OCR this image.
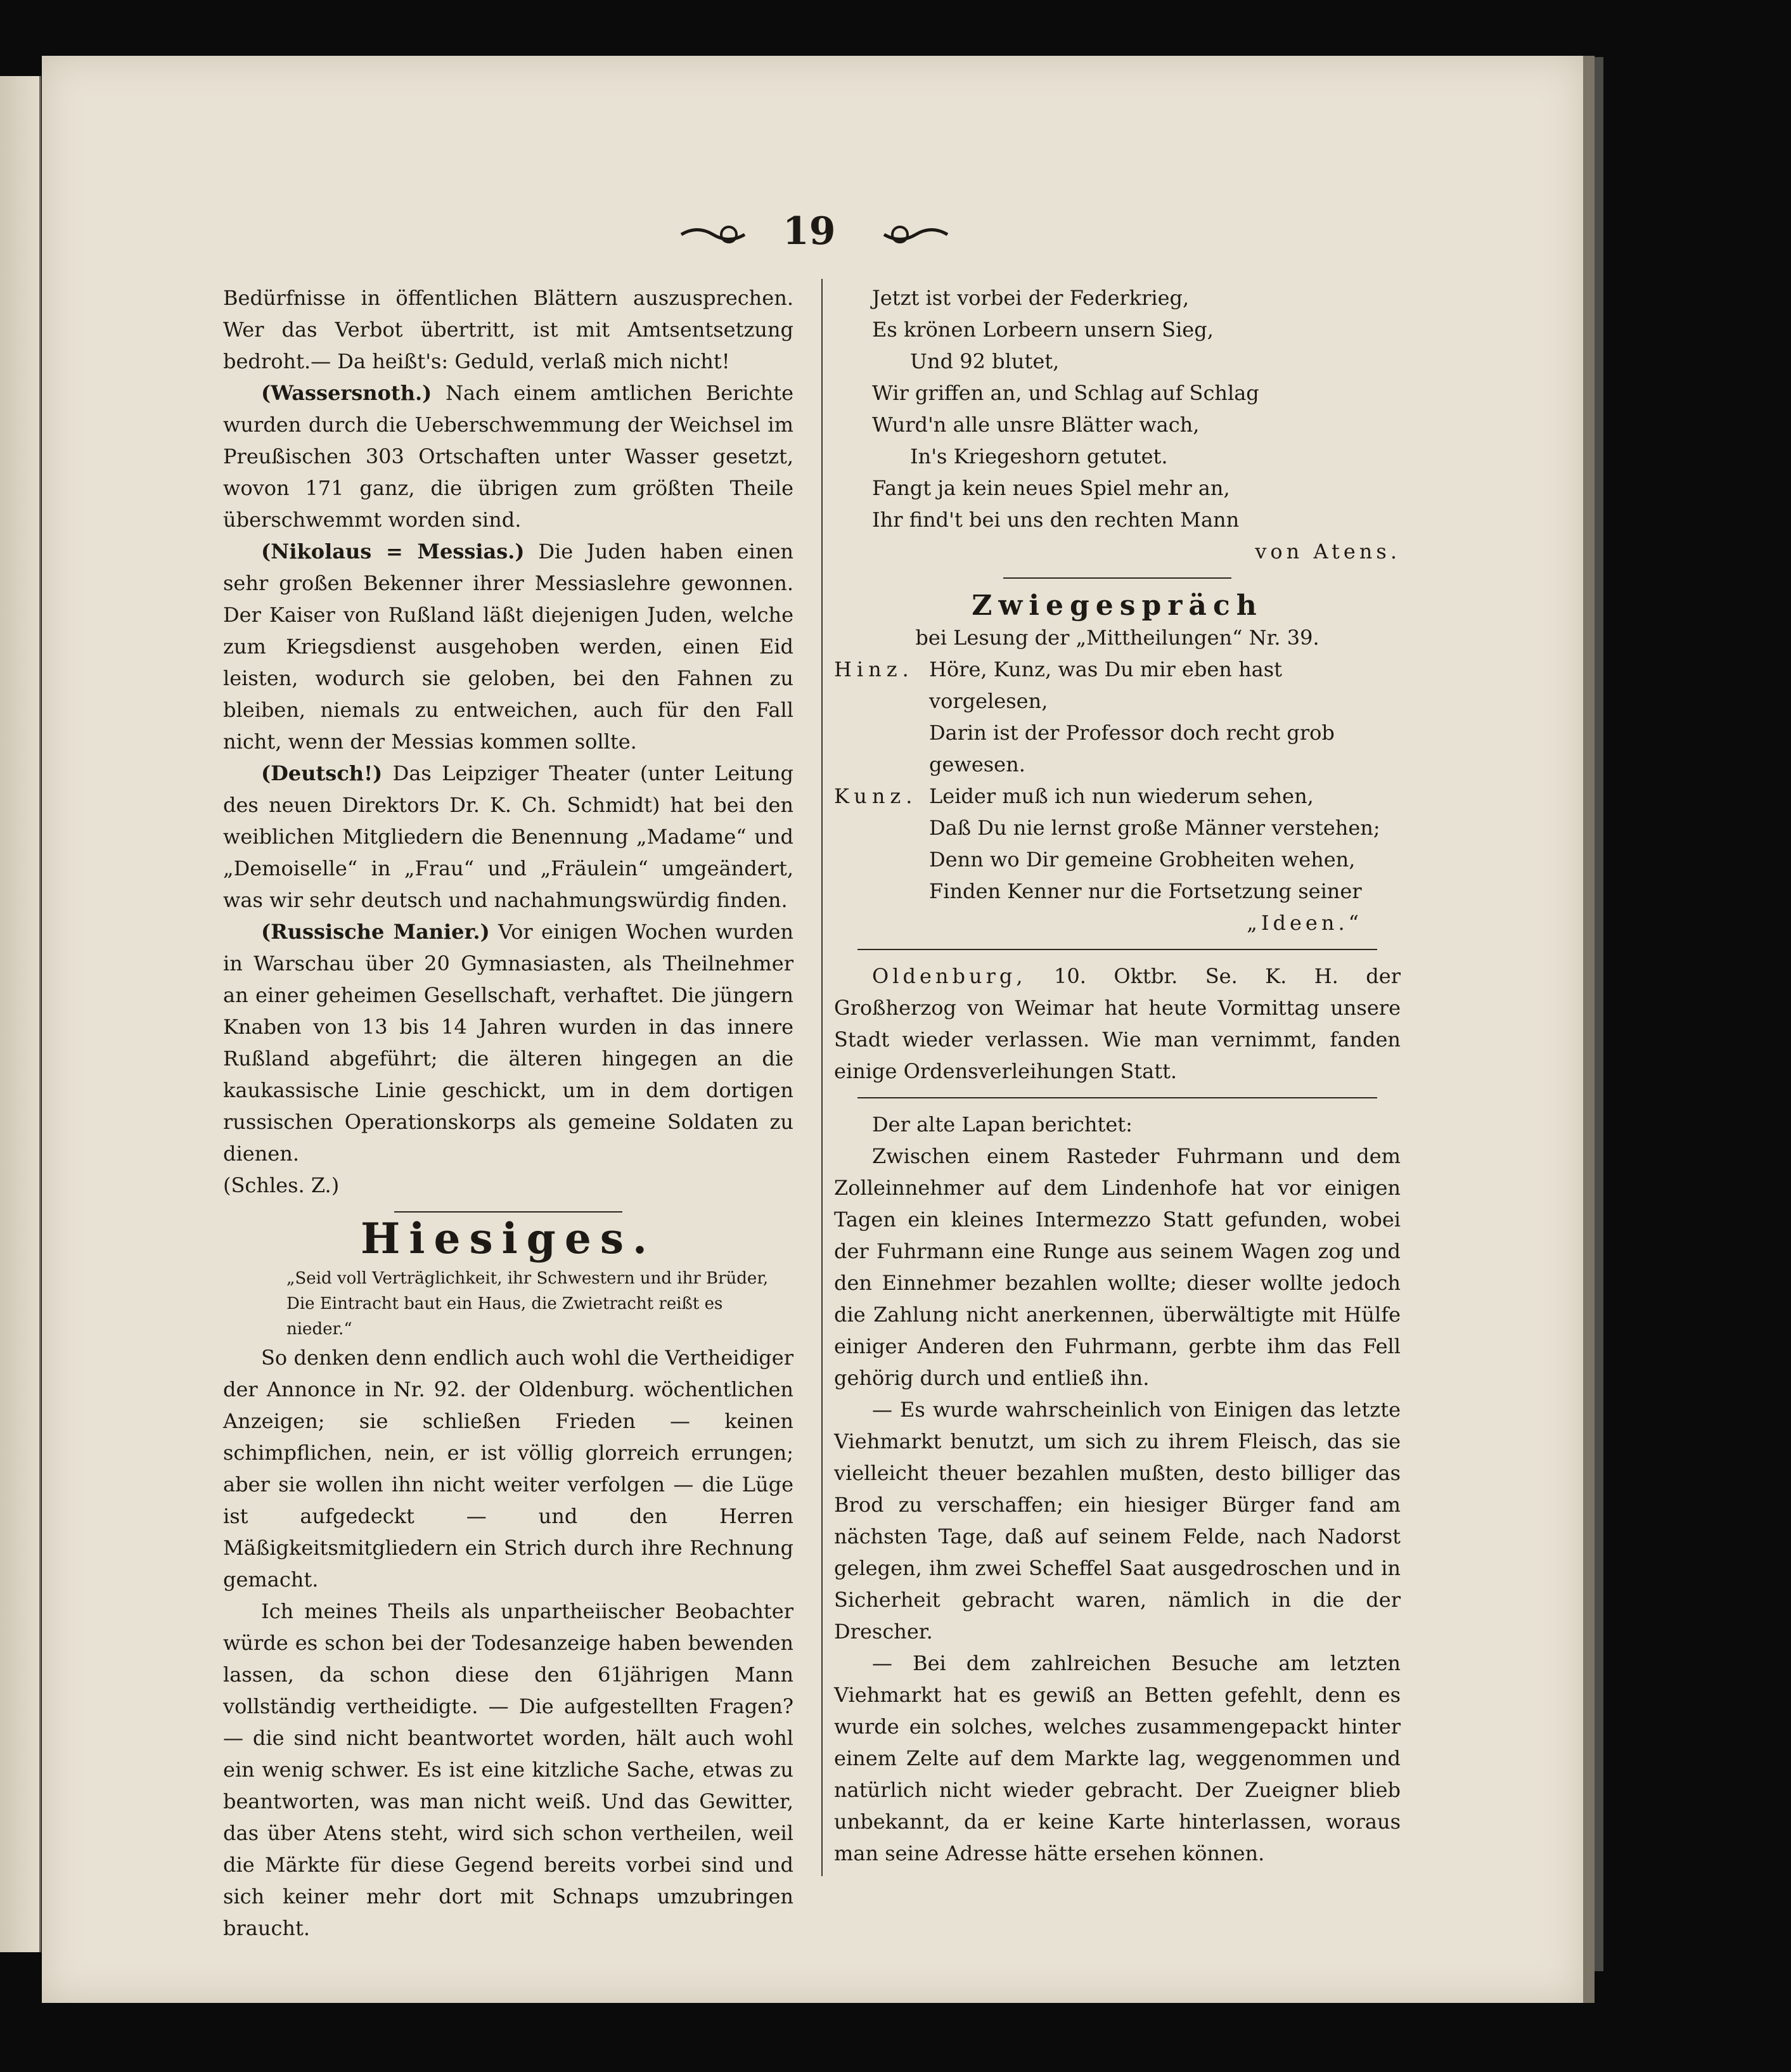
19

Bedürfnisse in öffentlichen Blättern auszusprechen. Wer das Verbot übertritt, ist mit Amtsentsetzung bedroht.— Da heißt's: Geduld, verlaß mich nicht!

(Wassersnoth.) Nach einem amtlichen Berichte wurden durch die Ueberschwemmung der Weichsel im Preußischen 303 Ortschaften unter Wasser gesetzt, wovon 171 ganz, die übrigen zum größten Theile überschwemmt worden sind.

(Nikolaus = Messias.) Die Juden haben einen sehr großen Bekenner ihrer Messiaslehre gewonnen. Der Kaiser von Rußland läßt diejenigen Juden, welche zum Kriegsdienst ausgehoben werden, einen Eid leisten, wodurch sie geloben, bei den Fahnen zu bleiben, niemals zu entweichen, auch für den Fall nicht, wenn der Messias kommen sollte.

(Deutsch!) Das Leipziger Theater (unter Leitung des neuen Direktors Dr. K. Ch. Schmidt) hat bei den weiblichen Mitgliedern die Benennung „Madame“ und „Demoiselle“ in „Frau“ und „Fräulein“ umgeändert, was wir sehr deutsch und nachahmungswürdig finden.

(Russische Manier.) Vor einigen Wochen wurden in Warschau über 20 Gymnasiasten, als Theilnehmer an einer geheimen Gesellschaft, verhaftet. Die jüngern Knaben von 13 bis 14 Jahren wurden in das innere Rußland abgeführt; die älteren hingegen an die kaukassische Linie geschickt, um in dem dortigen russischen Operationskorps als gemeine Soldaten zu dienen.

(Schles. Z.)

Hiesiges.
„Seid voll Verträglichkeit, ihr Schwestern und ihr Brüder,
Die Eintracht baut ein Haus, die Zwietracht reißt es nieder.“

So denken denn endlich auch wohl die Vertheidiger der Annonce in Nr. 92. der Oldenburg. wöchentlichen Anzeigen; sie schließen Frieden — keinen schimpflichen, nein, er ist völlig glorreich errungen; aber sie wollen ihn nicht weiter verfolgen — die Lüge ist aufgedeckt — und den Herren Mäßigkeitsmitgliedern ein Strich durch ihre Rechnung gemacht.

Ich meines Theils als unpartheiischer Beobachter würde es schon bei der Todesanzeige haben bewenden lassen, da schon diese den 61jährigen Mann vollständig vertheidigte. — Die aufgestellten Fragen? — die sind nicht beantwortet worden, hält auch wohl ein wenig schwer. Es ist eine kitzliche Sache, etwas zu beantworten, was man nicht weiß. Und das Gewitter, das über Atens steht, wird sich schon vertheilen, weil die Märkte für diese Gegend bereits vorbei sind und sich keiner mehr dort mit Schnaps umzubringen braucht.

Jetzt ist vorbei der Federkrieg,
Es krönen Lorbeern unsern Sieg,
Und 92 blutet,
Wir griffen an, und Schlag auf Schlag
Wurd'n alle unsre Blätter wach,
In's Kriegeshorn getutet.
Fangt ja kein neues Spiel mehr an,
Ihr find't bei uns den rechten Mann
von Atens.
Zwiegespräch
bei Lesung der „Mittheilungen“ Nr. 39.
Hinz. Höre, Kunz, was Du mir eben hast vorgelesen,
Darin ist der Professor doch recht grob gewesen.
Kunz. Leider muß ich nun wiederum sehen,
Daß Du nie lernst große Männer verstehen;
Denn wo Dir gemeine Grobheiten wehen,
Finden Kenner nur die Fortsetzung seiner
„Ideen.“

Oldenburg, 10. Oktbr. Se. K. H. der Großherzog von Weimar hat heute Vormittag unsere Stadt wieder verlassen. Wie man vernimmt, fanden einige Ordensverleihungen Statt.

Der alte Lapan berichtet:

Zwischen einem Rasteder Fuhrmann und dem Zolleinnehmer auf dem Lindenhofe hat vor einigen Tagen ein kleines Intermezzo Statt gefunden, wobei der Fuhrmann eine Runge aus seinem Wagen zog und den Einnehmer bezahlen wollte; dieser wollte jedoch die Zahlung nicht anerkennen, überwältigte mit Hülfe einiger Anderen den Fuhrmann, gerbte ihm das Fell gehörig durch und entließ ihn.

— Es wurde wahrscheinlich von Einigen das letzte Viehmarkt benutzt, um sich zu ihrem Fleisch, das sie vielleicht theuer bezahlen mußten, desto billiger das Brod zu verschaffen; ein hiesiger Bürger fand am nächsten Tage, daß auf seinem Felde, nach Nadorst gelegen, ihm zwei Scheffel Saat ausgedroschen und in Sicherheit gebracht waren, nämlich in die der Drescher.

— Bei dem zahlreichen Besuche am letzten Viehmarkt hat es gewiß an Betten gefehlt, denn es wurde ein solches, welches zusammengepackt hinter einem Zelte auf dem Markte lag, weggenommen und natürlich nicht wieder gebracht. Der Zueigner blieb unbekannt, da er keine Karte hinterlassen, woraus man seine Adresse hätte ersehen können.
